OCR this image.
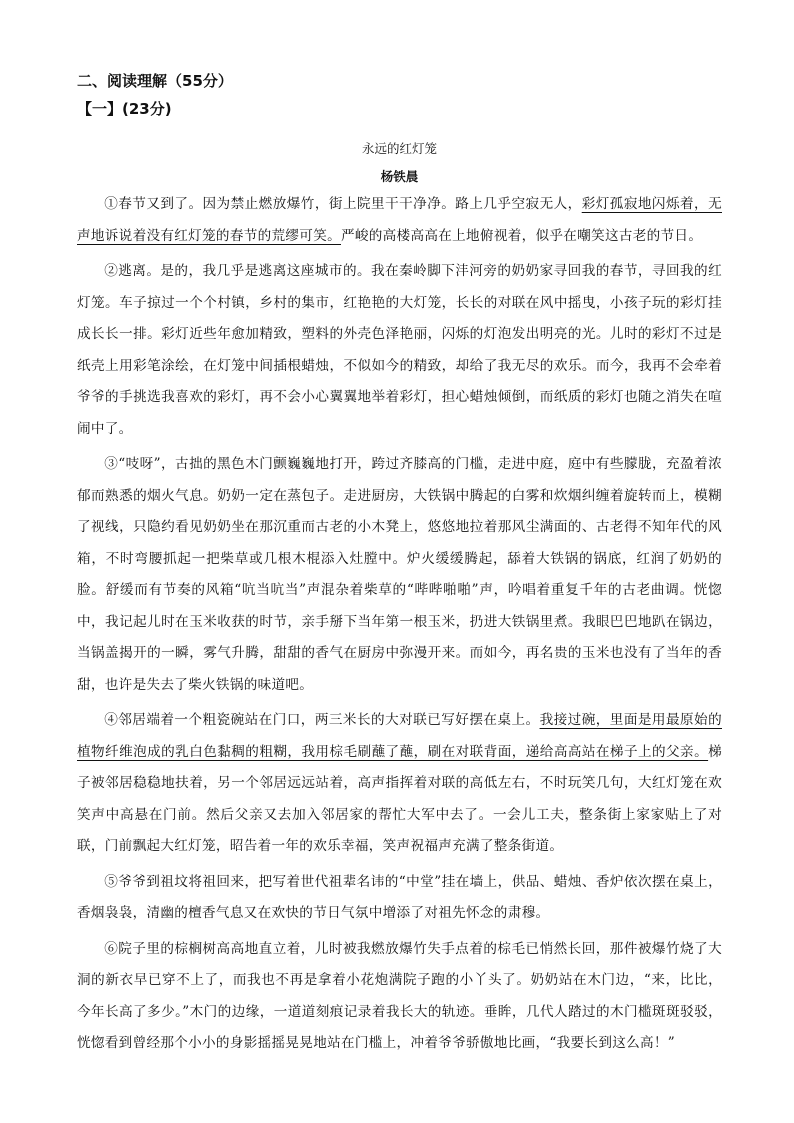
二、阅读理解（55分）
【一】(23分)
永远的红灯笼
杨铁晨

①春节又到了。因为禁止燃放爆竹，街上院里干干净净。路上几乎空寂无人，彩灯孤寂地闪烁着，无声地诉说着没有红灯笼的春节的荒缪可笑。严峻的高楼高高在上地俯视着，似乎在嘲笑这古老的节日。

②逃离。是的，我几乎是逃离这座城市的。我在秦岭脚下沣河旁的奶奶家寻回我的春节，寻回我的红灯笼。车子掠过一个个村镇，乡村的集市，红艳艳的大灯笼，长长的对联在风中摇曳，小孩子玩的彩灯挂成长长一排。彩灯近些年愈加精致，塑料的外壳色泽艳丽，闪烁的灯泡发出明亮的光。儿时的彩灯不过是纸壳上用彩笔涂绘，在灯笼中间插根蜡烛，不似如今的精致，却给了我无尽的欢乐。而今，我再不会牵着爷爷的手挑选我喜欢的彩灯，再不会小心翼翼地举着彩灯，担心蜡烛倾倒，而纸质的彩灯也随之消失在喧闹中了。

③“吱呀”，古拙的黑色木门颤巍巍地打开，跨过齐膝高的门槛，走进中庭，庭中有些朦胧，充盈着浓郁而熟悉的烟火气息。奶奶一定在蒸包子。走进厨房，大铁锅中腾起的白雾和炊烟纠缠着旋转而上，模糊了视线，只隐约看见奶奶坐在那沉重而古老的小木凳上，悠悠地拉着那风尘满面的、古老得不知年代的风箱，不时弯腰抓起一把柴草或几根木棍添入灶膛中。炉火缓缓腾起，舔着大铁锅的锅底，红润了奶奶的脸。舒缓而有节奏的风箱“吭当吭当”声混杂着柴草的“哔哔啪啪”声，吟唱着重复千年的古老曲调。恍惚中，我记起儿时在玉米收获的时节，亲手掰下当年第一根玉米，扔进大铁锅里煮。我眼巴巴地趴在锅边，当锅盖揭开的一瞬，雾气升腾，甜甜的香气在厨房中弥漫开来。而如今，再名贵的玉米也没有了当年的香甜，也许是失去了柴火铁锅的味道吧。

④邻居端着一个粗瓷碗站在门口，两三米长的大对联已写好摆在桌上。我接过碗，里面是用最原始的植物纤维泡成的乳白色黏稠的粗糊，我用棕毛刷蘸了蘸，刷在对联背面，递给高高站在梯子上的父亲。梯子被邻居稳稳地扶着，另一个邻居远远站着，高声指挥着对联的高低左右，不时玩笑几句，大红灯笼在欢笑声中高悬在门前。然后父亲又去加入邻居家的帮忙大军中去了。一会儿工夫，整条街上家家贴上了对联，门前飘起大红灯笼，昭告着一年的欢乐幸福，笑声祝福声充满了整条街道。

⑤爷爷到祖坟将祖回来，把写着世代祖辈名讳的“中堂”挂在墙上，供品、蜡烛、香炉依次摆在桌上，香烟袅袅，清幽的檀香气息又在欢快的节日气氛中增添了对祖先怀念的肃穆。

⑥院子里的棕榈树高高地直立着，儿时被我燃放爆竹失手点着的棕毛已悄然长回，那件被爆竹烧了大洞的新衣早已穿不上了，而我也不再是拿着小花炮满院子跑的小丫头了。奶奶站在木门边，“来，比比，今年长高了多少。”木门的边缘，一道道刻痕记录着我长大的轨迹。垂眸，几代人踏过的木门槛斑斑驳驳，恍惚看到曾经那个小小的身影摇摇晃晃地站在门槛上，冲着爷爷骄傲地比画，“我要长到这么高！”
